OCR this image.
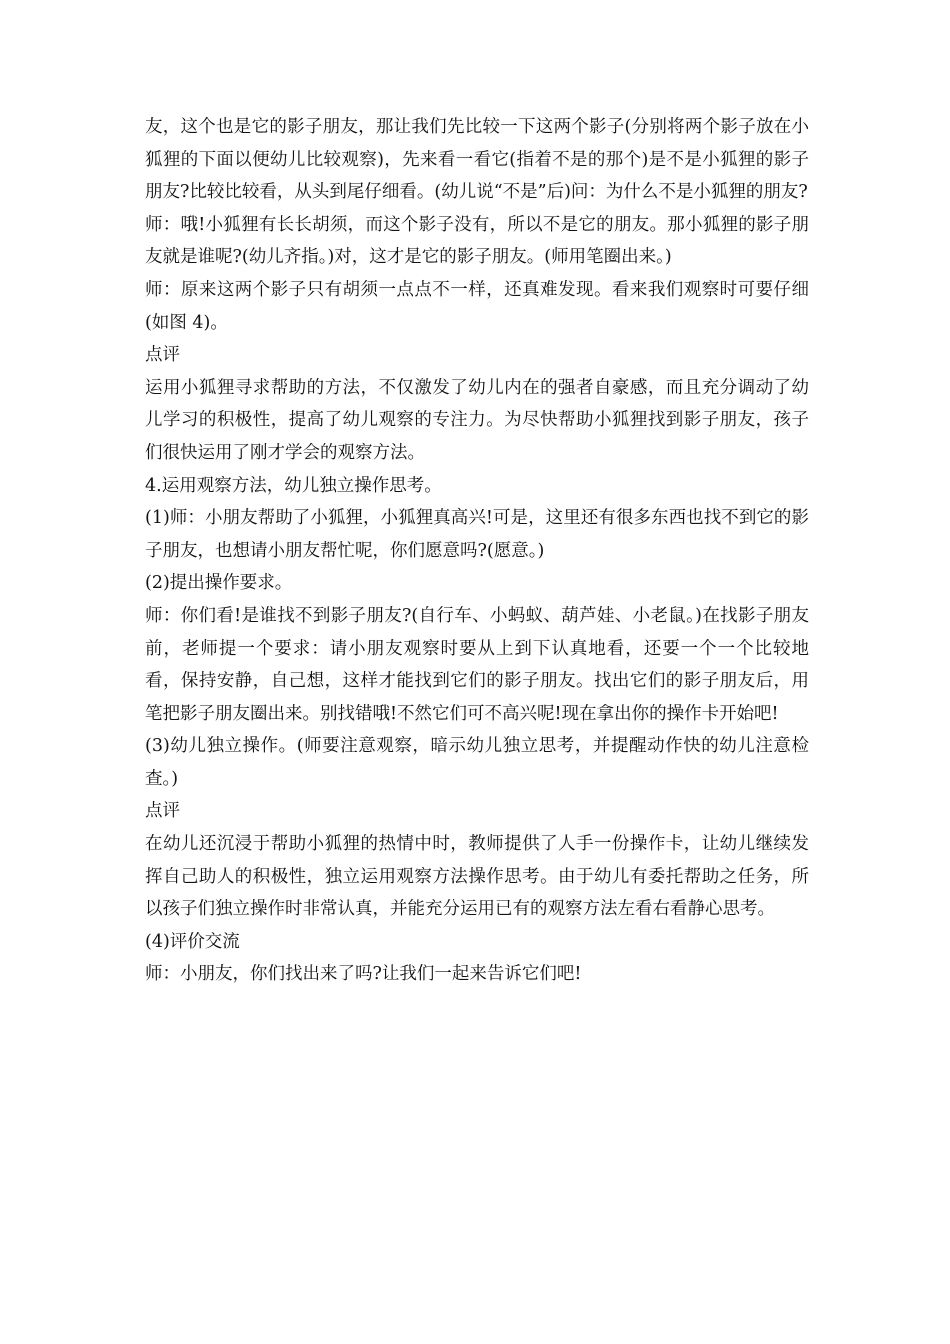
友，这个也是它的影子朋友，那让我们先比较一下这两个影子(分别将两个影子放在小狐狸的下面以便幼儿比较观察)，先来看一看它(指着不是的那个)是不是小狐狸的影子朋友?比较比较看，从头到尾仔细看。(幼儿说“不是”后)问：为什么不是小狐狸的朋友?

师：哦!小狐狸有长长胡须，而这个影子没有，所以不是它的朋友。那小狐狸的影子朋友就是谁呢?(幼儿齐指。)对，这才是它的影子朋友。(师用笔圈出来。)

师：原来这两个影子只有胡须一点点不一样，还真难发现。看来我们观察时可要仔细(如图 4)。

点评

运用小狐狸寻求帮助的方法，不仅激发了幼儿内在的强者自豪感，而且充分调动了幼儿学习的积极性，提高了幼儿观察的专注力。为尽快帮助小狐狸找到影子朋友，孩子们很快运用了刚才学会的观察方法。

4.运用观察方法，幼儿独立操作思考。

(1)师：小朋友帮助了小狐狸，小狐狸真高兴!可是，这里还有很多东西也找不到它的影子朋友，也想请小朋友帮忙呢，你们愿意吗?(愿意。)

(2)提出操作要求。

师：你们看!是谁找不到影子朋友?(自行车、小蚂蚁、葫芦娃、小老鼠。)在找影子朋友前，老师提一个要求：请小朋友观察时要从上到下认真地看，还要一个一个比较地看，保持安静，自己想，这样才能找到它们的影子朋友。找出它们的影子朋友后，用笔把影子朋友圈出来。别找错哦!不然它们可不高兴呢!现在拿出你的操作卡开始吧!

(3)幼儿独立操作。(师要注意观察，暗示幼儿独立思考，并提醒动作快的幼儿注意检查。)

点评

在幼儿还沉浸于帮助小狐狸的热情中时，教师提供了人手一份操作卡，让幼儿继续发挥自己助人的积极性，独立运用观察方法操作思考。由于幼儿有委托帮助之任务，所以孩子们独立操作时非常认真，并能充分运用已有的观察方法左看右看静心思考。

(4)评价交流

师：小朋友，你们找出来了吗?让我们一起来告诉它们吧!
